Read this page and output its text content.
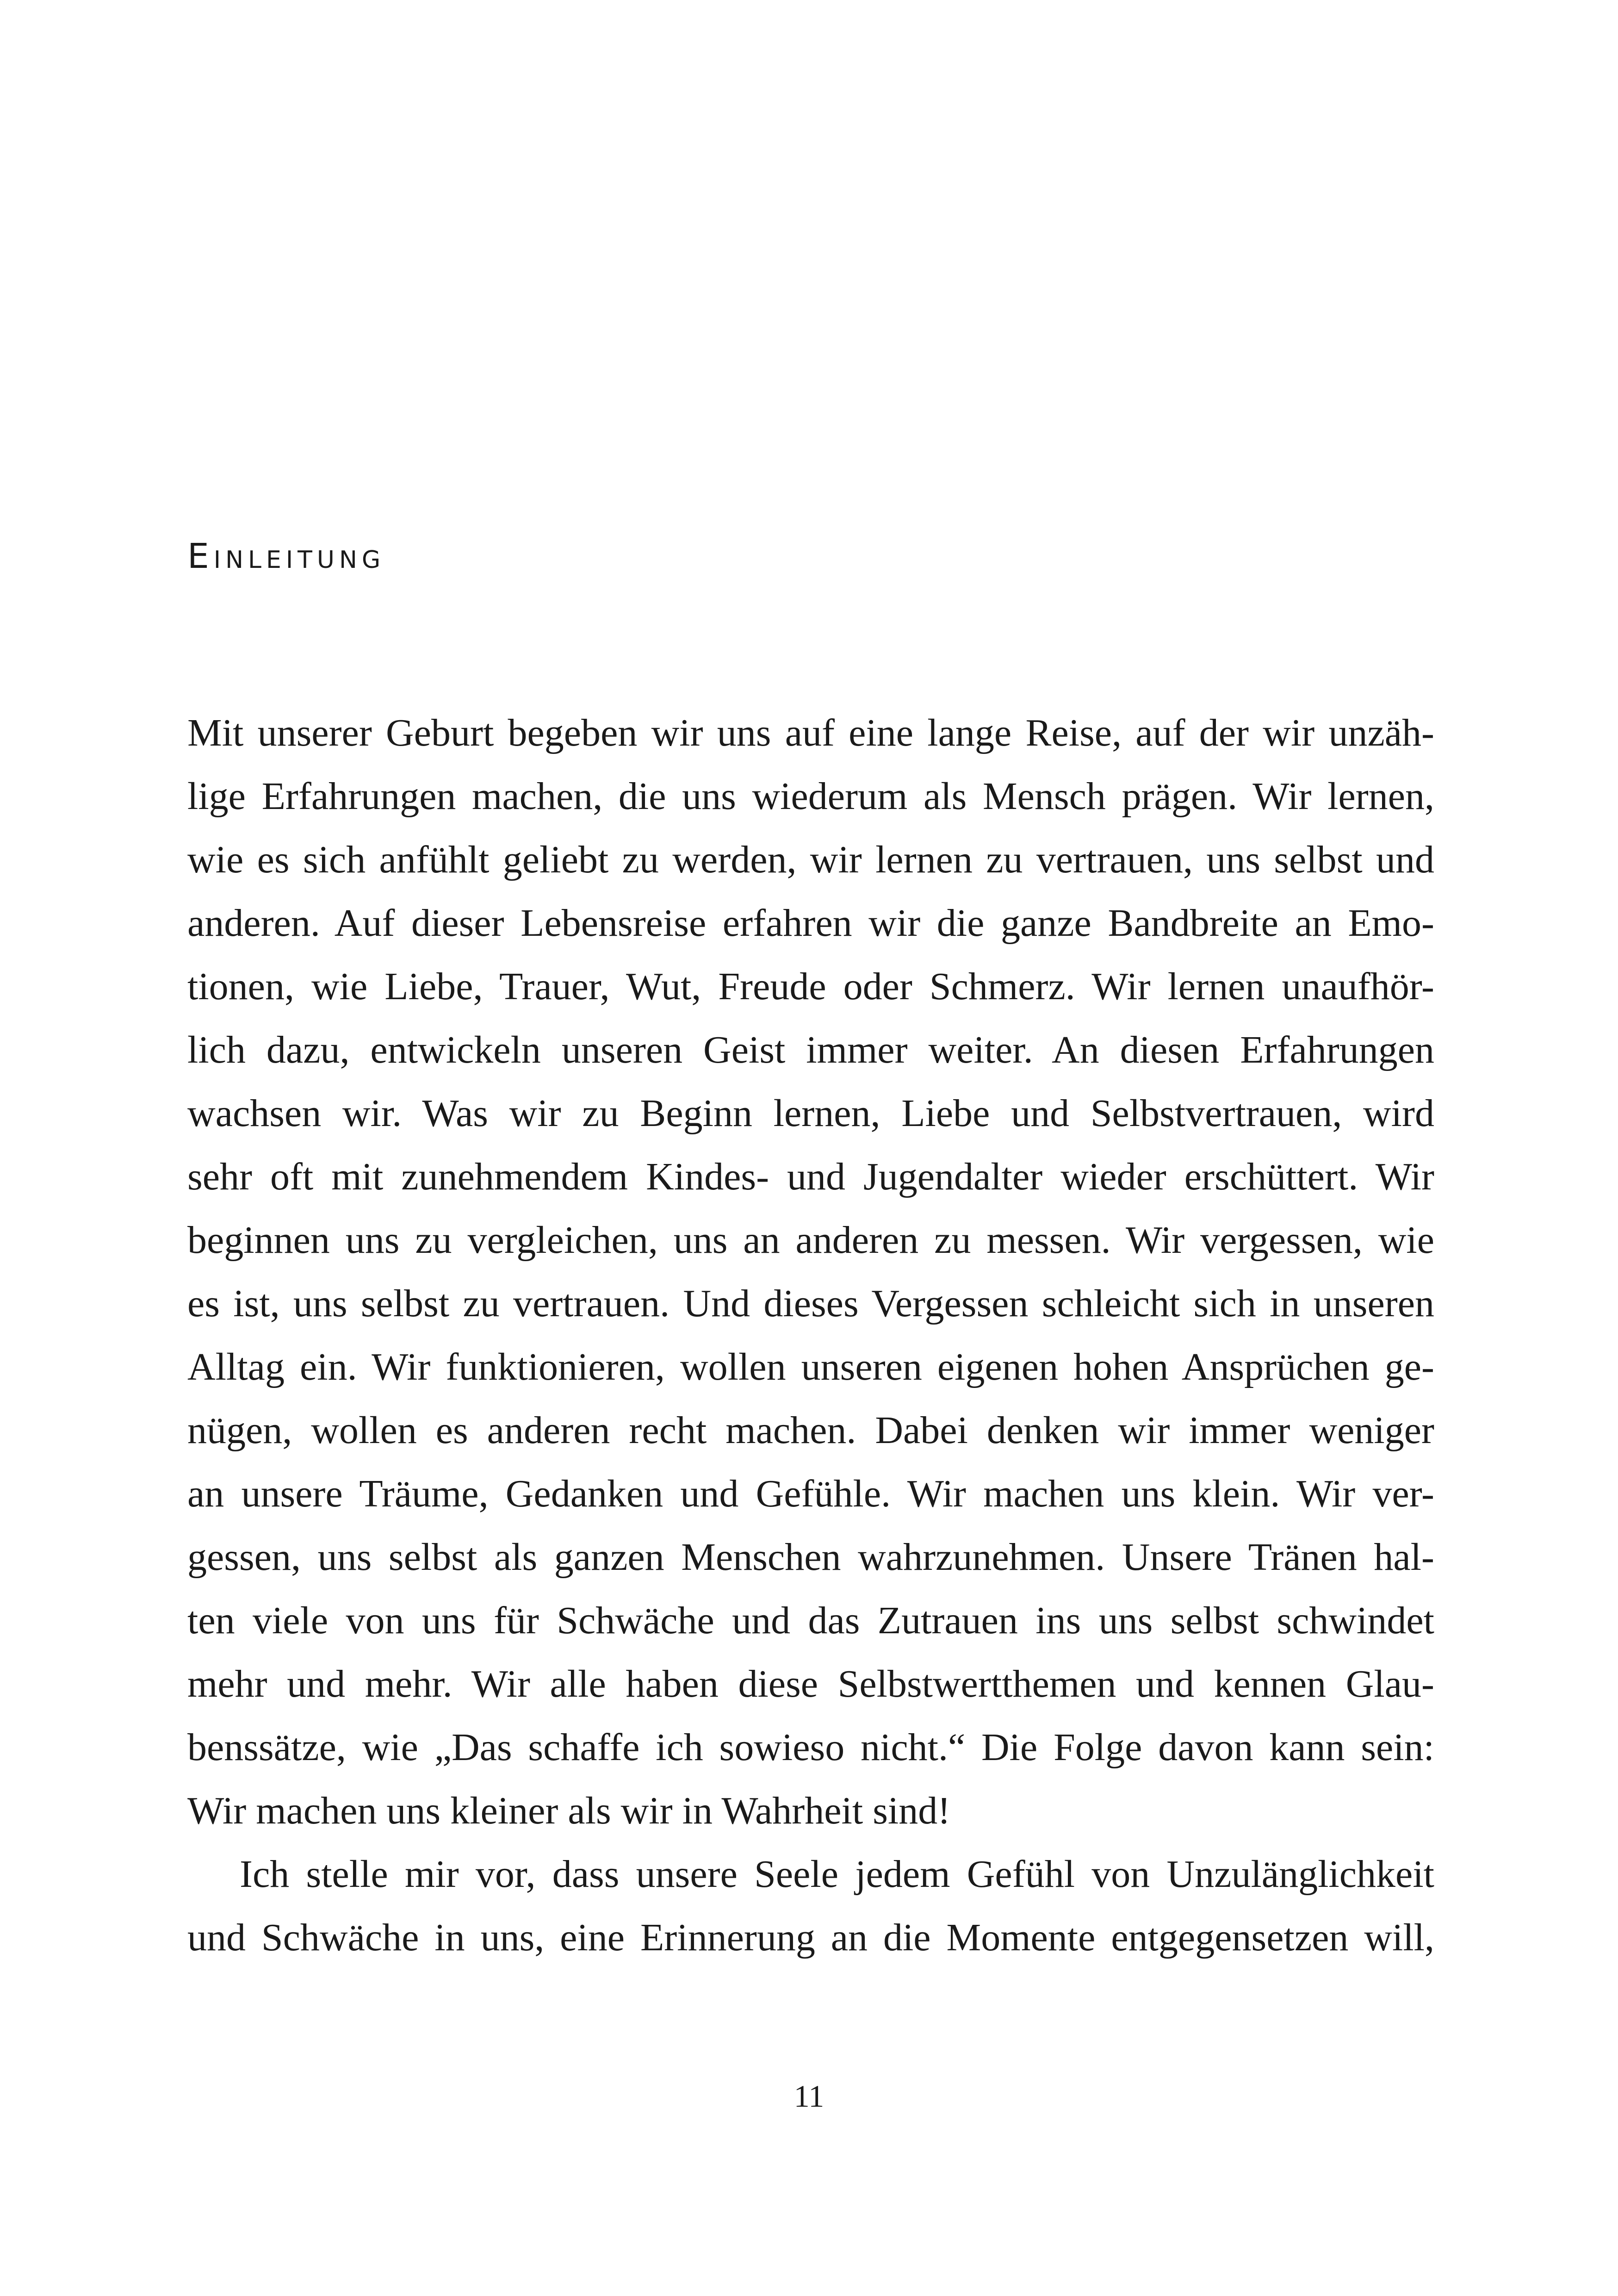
Einleitung
Mit unserer Geburt begeben wir uns auf eine lange Reise, auf der wir unzäh-
lige Erfahrungen machen, die uns wiederum als Mensch prägen. Wir lernen,
wie es sich anfühlt geliebt zu werden, wir lernen zu vertrauen, uns selbst und
anderen. Auf dieser Lebensreise erfahren wir die ganze Bandbreite an Emo-
tionen, wie Liebe, Trauer, Wut, Freude oder Schmerz. Wir lernen unaufhör-
lich dazu, entwickeln unseren Geist immer weiter. An diesen Erfahrungen
wachsen wir. Was wir zu Beginn lernen, Liebe und Selbstvertrauen, wird
sehr oft mit zunehmendem Kindes- und Jugendalter wieder erschüttert. Wir
beginnen uns zu vergleichen, uns an anderen zu messen. Wir vergessen, wie
es ist, uns selbst zu vertrauen. Und dieses Vergessen schleicht sich in unseren
Alltag ein. Wir funktionieren, wollen unseren eigenen hohen Ansprüchen ge-
nügen, wollen es anderen recht machen. Dabei denken wir immer weniger
an unsere Träume, Gedanken und Gefühle. Wir machen uns klein. Wir ver-
gessen, uns selbst als ganzen Menschen wahrzunehmen. Unsere Tränen hal-
ten viele von uns für Schwäche und das Zutrauen ins uns selbst schwindet
mehr und mehr. Wir alle haben diese Selbstwertthemen und kennen Glau-
benssätze, wie „Das schaffe ich sowieso nicht.“ Die Folge davon kann sein:
Wir machen uns kleiner als wir in Wahrheit sind!
Ich stelle mir vor, dass unsere Seele jedem Gefühl von Unzulänglichkeit
und Schwäche in uns, eine Erinnerung an die Momente entgegensetzen will,
11
